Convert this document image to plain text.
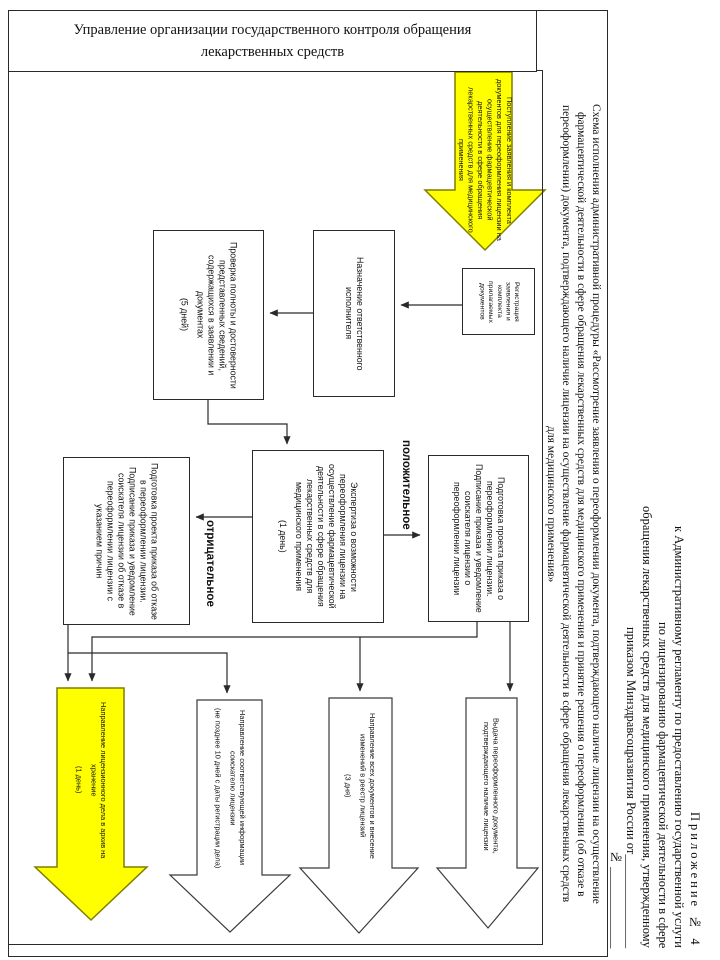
Управление организации государственного контроля обращения лекарственных средств
Схема исполнения административной процедуры «Рассмотрение заявления о переоформлении документа, подтверждающего наличие лицензии на осуществление
фармацевтической деятельности в сфере обращения лекарственных средств для медицинского применения и принятие решения о переоформлении (об отказе в
переоформлении) документа, подтверждающего наличие лицензии на осуществление фармацевтической деятельности в сфере обращения лекарственных средств
для медицинского применения»
Приложение № 4
к Административному регламенту по предоставлению государственной услуги
по лицензированию фармацевтической деятельности в сфере
обращения лекарственных средств для медицинского применения, утвержденному
приказом Минздравсоцразвития России от_______________
№ _____________
Поступление заявления и комплекта документов для переоформления лицензии на осуществление фармацевтической деятельности в сфере обращения лекарственных средств для медицинского применения
Регистрация заявления и комплекта прилагаемых документов
Назначение ответственного исполнителя
Проверка полноты и достоверности представленных сведений, содержащихся в заявлении и документах
(5 дней)
Экспертиза о возможности переоформления лицензии на осуществление фармацевтической деятельности в сфере обращения лекарственных средств для медицинского применения
(1 день)
Подготовка проекта приказа об отказе в переоформлении лицензии. Подписание приказа и уведомление соискателя лицензии об отказе в переоформлении лицензии с указанием причин	Подготовка проекта приказа о переоформлении лицензии. Подписание приказа и уведомление соискателя лицензии о переоформлении лицензии
положительное
отрицательное
Направление лицензионного дела в архив на хранение
(1 день)	Направление соответствующей информации соискателю лицензии
(не позднее 10 дней с даты регистрации дела)	Направление всех документов и внесение изменений в реестр лицензий
(3 дня)	Выдача переоформленного документа, подтверждающего наличие лицензии
